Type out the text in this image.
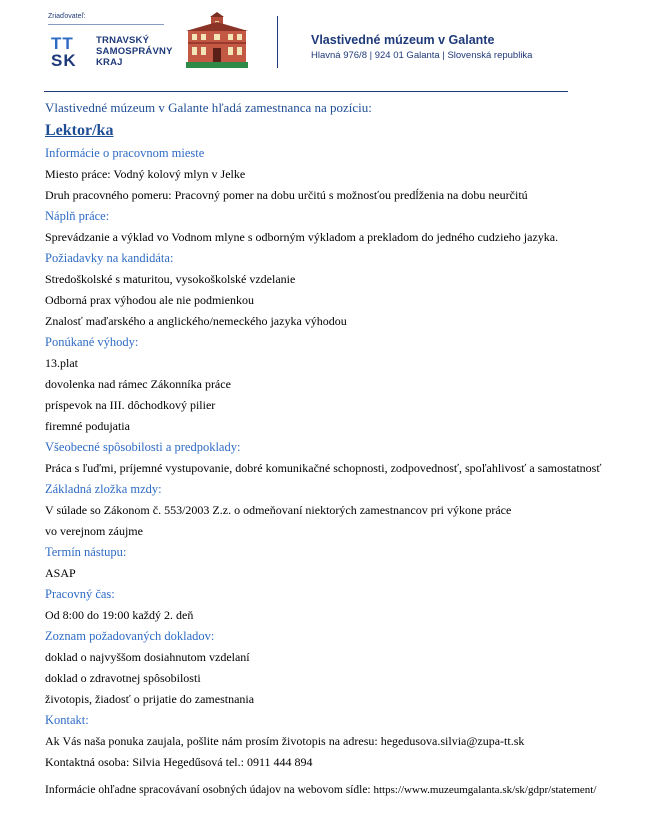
Zriaďovateľ:
TT
SK
TRNAVSKÝ
SAMOSPRÁVNY
KRAJ
Vlastivedné múzeum v Galante
Hlavná 976/8 | 924 01 Galanta | Slovenská republika
Vlastivedné múzeum v Galante hľadá zamestnanca na pozíciu:
Lektor/ka
Informácie o pracovnom mieste
Miesto práce: Vodný kolový mlyn v Jelke
Druh pracovného pomeru: Pracovný pomer na dobu určitú s možnosťou predĺženia na dobu neurčitú
Náplň práce:
Sprevádzanie a výklad vo Vodnom mlyne s odborným výkladom a prekladom do jedného cudzieho jazyka.
Požiadavky na kandidáta:
Stredoškolské s maturitou, vysokoškolské vzdelanie
Odborná prax výhodou ale nie podmienkou
Znalosť maďarského a anglického/nemeckého jazyka výhodou
Ponúkané výhody:
13.plat
dovolenka nad rámec Zákonníka práce
príspevok na III. dôchodkový pilier
firemné podujatia
Všeobecné spôsobilosti a predpoklady:
Práca s ľuďmi, príjemné vystupovanie, dobré komunikačné schopnosti, zodpovednosť, spoľahlivosť a samostatnosť
Základná zložka mzdy:
V súlade so Zákonom č. 553/2003 Z.z. o odmeňovaní niektorých zamestnancov pri výkone práce
vo verejnom záujme
Termín nástupu:
ASAP
Pracovný čas:
Od 8:00 do 19:00 každý 2. deň
Zoznam požadovaných dokladov:
doklad o najvyššom dosiahnutom vzdelaní
doklad o zdravotnej spôsobilosti
životopis, žiadosť o prijatie do zamestnania
Kontakt:
Ak Vás naša ponuka zaujala, pošlite nám prosím životopis na adresu: hegedusova.silvia@zupa-tt.sk
Kontaktná osoba: Silvia Hegedűsová tel.: 0911 444 894
Informácie ohľadne spracovávaní osobných údajov na webovom sídle: https://www.muzeumgalanta.sk/sk/gdpr/statement/
